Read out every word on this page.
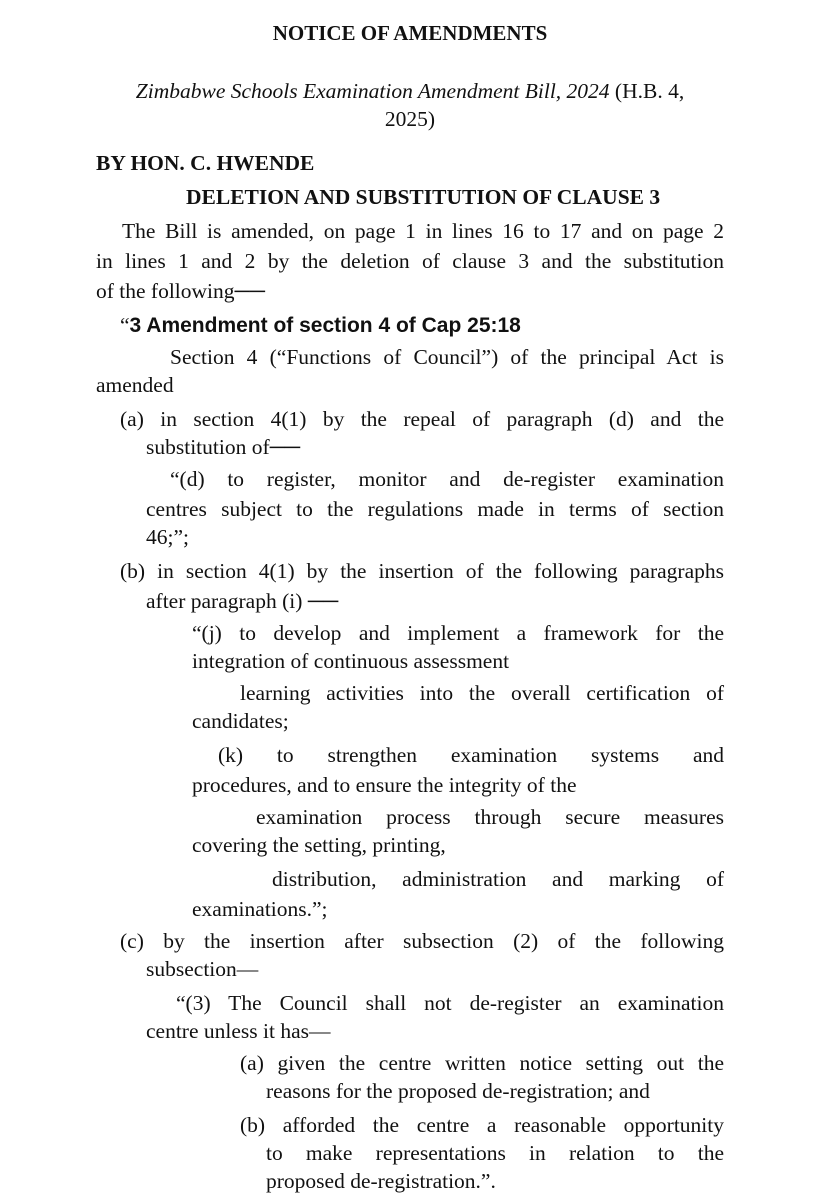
NOTICE OF AMENDMENTS
Zimbabwe Schools Examination Amendment Bill, 2024 (H.B. 4,
2025)
BY HON. C. HWENDE
DELETION AND SUBSTITUTION OF CLAUSE 3
The Bill is amended, on page 1 in lines 16 to 17 and on page 2
in lines 1 and 2 by the deletion of clause 3 and the substitution
of the following──
“3 Amendment of section 4 of Cap 25:18
Section 4 (“Functions of Council”) of the principal Act is
amended
(a) in section 4(1) by the repeal of paragraph (d) and the
substitution of──
“(d) to register, monitor and de-register examination
centres subject to the regulations made in terms of section
46;”;
(b) in section 4(1) by the insertion of the following paragraphs
after paragraph (i) ──
“(j) to develop and implement a framework for the
integration of continuous assessment
learning activities into the overall certification of
candidates;
(k) to strengthen examination systems and
procedures, and to ensure the integrity of the
examination process through secure measures
covering the setting, printing,
distribution, administration and marking of
examinations.”;
(c) by the insertion after subsection (2) of the following
subsection—
“(3) The Council shall not de-register an examination
centre unless it has—
(a) given the centre written notice setting out the
reasons for the proposed de-registration; and
(b) afforded the centre a reasonable opportunity
to make representations in relation to the
proposed de-registration.”.
